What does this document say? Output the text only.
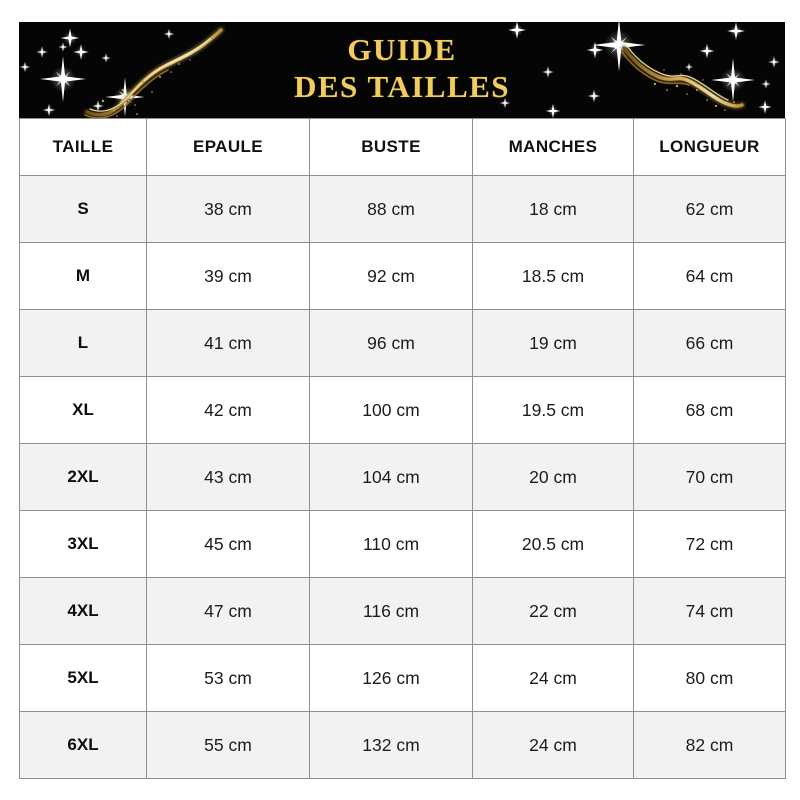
GUIDE
DES TAILLES
TAILLE	EPAULE	BUSTE	MANCHES	LONGUEUR
S	38 cm	88 cm	18 cm	62 cm
M	39 cm	92 cm	18.5 cm	64 cm
L	41 cm	96 cm	19 cm	66 cm
XL	42 cm	100 cm	19.5 cm	68 cm
2XL	43 cm	104 cm	20 cm	70 cm
3XL	45 cm	110 cm	20.5 cm	72 cm
4XL	47 cm	116 cm	22 cm	74 cm
5XL	53 cm	126 cm	24 cm	80 cm
6XL	55 cm	132 cm	24 cm	82 cm
